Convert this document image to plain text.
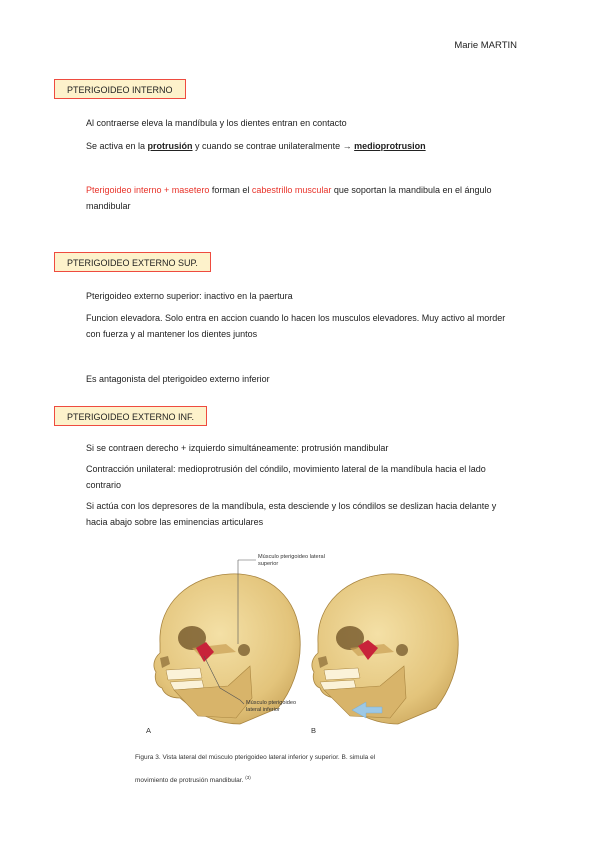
Marie MARTIN
PTERIGOIDEO INTERNO
Al contraerse eleva la mandíbula y los dientes entran en contacto
Se activa en la protrusión y cuando se contrae unilateralmente → medioprotrusion
Pterigoideo interno + masetero forman el cabestrillo muscular que soportan la mandibula en el ángulo mandibular
PTERIGOIDEO EXTERNO SUP.
Pterigoideo externo superior: inactivo en la paertura
Funcion elevadora. Solo entra en accion cuando lo hacen los musculos elevadores. Muy activo al morder con fuerza y al mantener los dientes juntos
Es antagonista del pterigoideo externo inferior
PTERIGOIDEO EXTERNO INF.
Si se contraen derecho + izquierdo simultáneamente: protrusión mandibular
Contracción unilateral: medioprotrusión del cóndilo, movimiento lateral de la mandíbula hacia el lado contrario
Si actúa con los depresores de la mandíbula, esta desciende y los cóndilos se deslizan hacia delante y hacia abajo sobre las eminencias articulares
Músculo pterigoideo lateral superior
Músculo pterigoideo lateral inferior
A	B
Figura 3. Vista lateral del músculo pterigoideo lateral inferior y superior. B. simula el
movimiento de protrusión mandibular. $^{(3)}$
